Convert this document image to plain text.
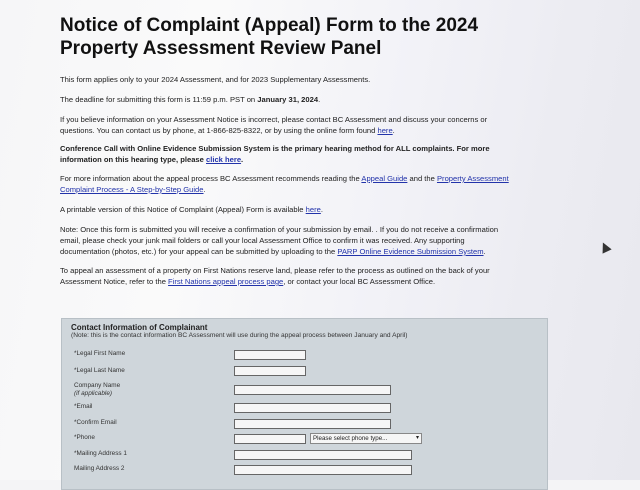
Notice of Complaint (Appeal) Form to the 2024
Property Assessment Review Panel

This form applies only to your 2024 Assessment, and for 2023 Supplementary Assessments.

The deadline for submitting this form is 11:59 p.m. PST on January 31, 2024.

If you believe information on your Assessment Notice is incorrect, please contact BC Assessment and discuss your concerns or
questions. You can contact us by phone, at 1-866-825-8322, or by using the online form found here.

Conference Call with Online Evidence Submission System is the primary hearing method for ALL complaints. For more
information on this hearing type, please click here.

For more information about the appeal process BC Assessment recommends reading the Appeal Guide and the Property Assessment
Complaint Process - A Step-by-Step Guide.

A printable version of this Notice of Complaint (Appeal) Form is available here.

Note: Once this form is submitted you will receive a confirmation of your submission by email. . If you do not receive a confirmation
email, please check your junk mail folders or call your local Assessment Office to confirm it was received. Any supporting
documentation (photos, etc.) for your appeal can be submitted by uploading to the PARP Online Evidence Submission System.

To appeal an assessment of a property on First Nations reserve land, please refer to the process as outlined on the back of your
Assessment Notice, refer to the First Nations appeal process page, or contact your local BC Assessment Office.

Contact Information of Complainant
(Note: this is the contact information BC Assessment will use during the appeal process between January and April)
*Legal First Name
*Legal Last Name
Company Name
(if applicable)
*Email
*Confirm Email
*Phone	Please select phone type...	▾
*Mailing Address 1
Mailing Address 2
